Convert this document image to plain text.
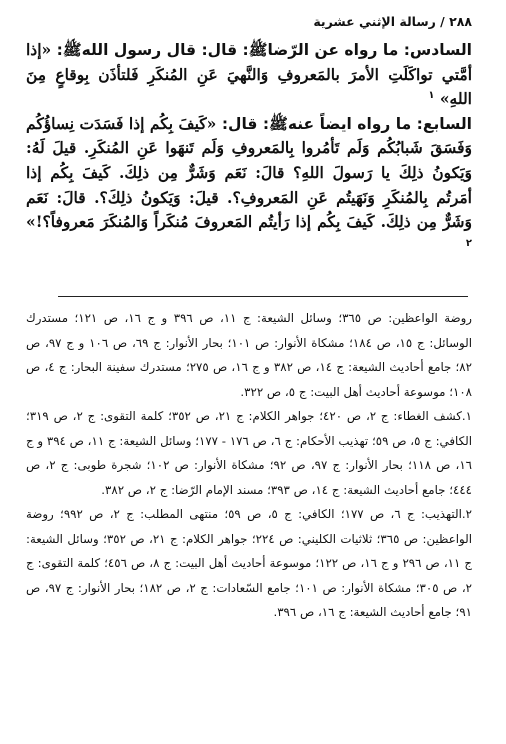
٢٨٨ / رسالة الإثني عشرية

السادس: ما رواه عن الرّضاﷺ: قال: قال رسول اللهﷺ: «إذا أمَّتي تواكَلَتِ الأمرَ بالمَعروفِ وَالنَّهيَ عَنِ المُنكَرِ فَلتأذَن بِوقاعٍ مِنَ اللهِ» $^١$

السابع: ما رواه ايضاً عنهﷺ: قال: «كَيفَ بِكُم إذا فَسَدَت نِساؤُكُم وَفَسَقَ شَبابُكُم وَلَم تَأمُروا بِالمَعروفِ وَلَم تَنهَوا عَنِ المُنكَرِ. قيلَ لَهُ: وَيَكونُ ذلِكَ يا رَسولَ اللهِ؟ قالَ: نَعَم وَشَرٌّ مِن ذلِكَ. كَيفَ بِكُم إذا أمَرتُم بِالمُنكَرِ وَنَهَيتُم عَنِ المَعروفِ؟. قيلَ: وَيَكونُ ذلِكَ؟. قالَ: نَعَم وَشَرٌّ مِن ذلِكَ. كَيفَ بِكُم إذا رَأيتُم المَعروفَ مُنكَراً وَالمُنكَرَ مَعروفاً؟!» $^٢$

روضة الواعظين: ص ٣٦٥؛ وسائل الشيعة: ج ١١، ص ٣٩٦ و ج ١٦، ص ١٢١؛ مستدرك الوسائل: ج ١٥، ص ١٨٤؛ مشكاة الأنوار: ص ١٠١؛ بحار الأنوار: ج ٦٩، ص ١٠٦ و ج ٩٧، ص ٨٢؛ جامع أحاديث الشيعة: ج ١٤، ص ٣٨٢ و ج ١٦، ص ٢٧٥؛ مستدرك سفينة البحار: ج ٤، ص ١٠٨؛ موسوعة أحاديث أهل البيت: ج ٥، ص ٣٢٢.

١.كشف الغطاء: ج ٢، ص ٤٢٠؛ جواهر الكلام: ج ٢١، ص ٣٥٢؛ كلمة التقوى: ج ٢، ص ٣١٩؛ الكافي: ج ٥، ص ٥٩؛ تهذيب الأحكام: ج ٦، ص ١٧٦ - ١٧٧؛ وسائل الشيعة: ج ١١، ص ٣٩٤ و ج ١٦، ص ١١٨؛ بحار الأنوار: ج ٩٧، ص ٩٢؛ مشكاة الأنوار: ص ١٠٢؛ شجرة طوبى: ج ٢، ص ٤٤٤؛ جامع أحاديث الشيعة: ج ١٤، ص ٣٩٣؛ مسند الإمام الرّضا: ج ٢، ص ٣٨٢.

٢.التهذيب: ج ٦، ص ١٧٧؛ الكافي: ج ٥، ص ٥٩؛ منتهى المطلب: ج ٢، ص ٩٩٢؛ روضة الواعظين: ص ٣٦٥؛ ثلاثيات الكليني: ص ٢٢٤؛ جواهر الكلام: ج ٢١، ص ٣٥٢؛ وسائل الشيعة: ج ١١، ص ٢٩٦ و ج ١٦، ص ١٢٢؛ موسوعة أحاديث أهل البيت: ج ٨، ص ٤٥٦؛ كلمة التقوى: ج ٢، ص ٣٠٥؛ مشكاة الأنوار: ص ١٠١؛ جامع السّعادات: ج ٢، ص ١٨٢؛ بحار الأنوار: ج ٩٧، ص ٩١؛ جامع أحاديث الشيعة: ج ١٦، ص ٣٩٦.
